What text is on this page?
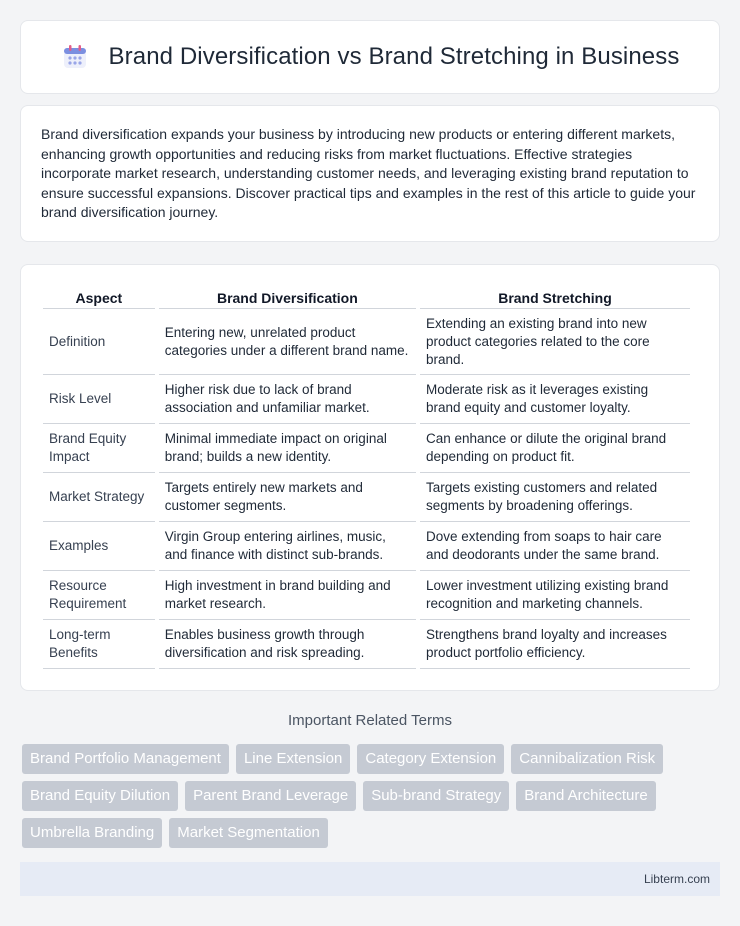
Brand Diversification vs Brand Stretching in Business

Brand diversification expands your business by introducing new products or entering different markets, enhancing growth opportunities and reducing risks from market fluctuations. Effective strategies incorporate market research, understanding customer needs, and leveraging existing brand reputation to ensure successful expansions. Discover practical tips and examples in the rest of this article to guide your brand diversification journey.

Aspect	Brand Diversification	Brand Stretching
Definition	Entering new, unrelated product categories under a different brand name.	Extending an existing brand into new product categories related to the core brand.
Risk Level	Higher risk due to lack of brand association and unfamiliar market.	Moderate risk as it leverages existing brand equity and customer loyalty.
Brand Equity Impact	Minimal immediate impact on original brand; builds a new identity.	Can enhance or dilute the original brand depending on product fit.
Market Strategy	Targets entirely new markets and customer segments.	Targets existing customers and related segments by broadening offerings.
Examples	Virgin Group entering airlines, music, and finance with distinct sub-brands.	Dove extending from soaps to hair care and deodorants under the same brand.
Resource Requirement	High investment in brand building and market research.	Lower investment utilizing existing brand recognition and marketing channels.
Long-term Benefits	Enables business growth through diversification and risk spreading.	Strengthens brand loyalty and increases product portfolio efficiency.
Important Related Terms
Brand Portfolio Management	Line Extension	Category Extension	Cannibalization Risk
Brand Equity Dilution	Parent Brand Leverage	Sub-brand Strategy	Brand Architecture
Umbrella Branding	Market Segmentation
Libterm.com
